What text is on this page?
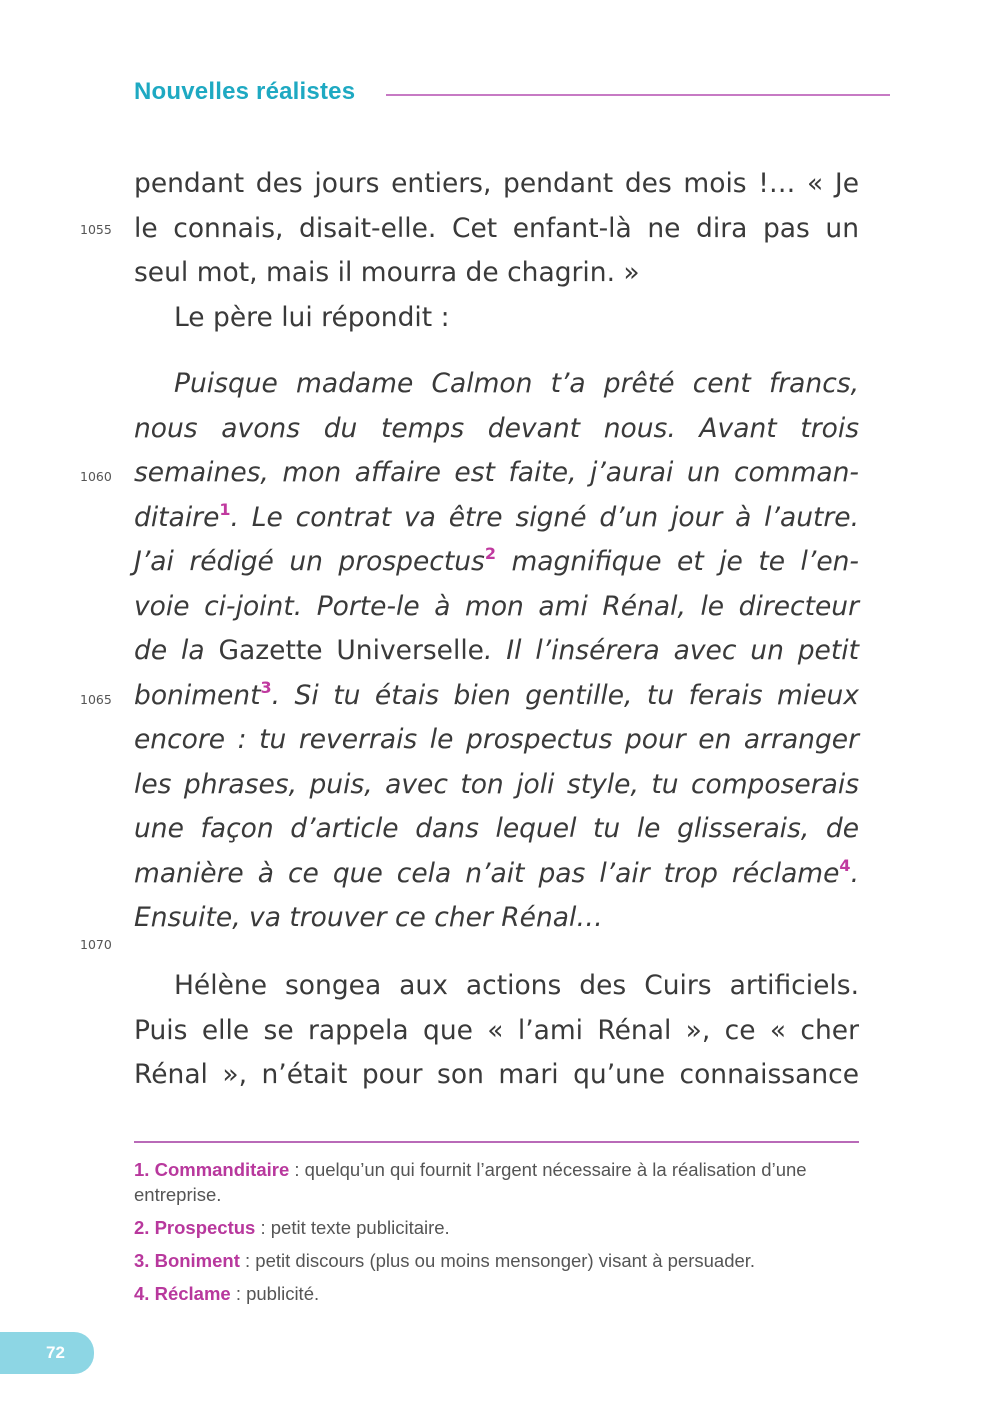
Nouvelles réalistes
1055
1060
1065
1070
pendant des jours entiers, pendant des mois !… « Je
le connais, disait-elle. Cet enfant-là ne dira pas un
seul mot, mais il mourra de chagrin. »
Le père lui répondit :
Puisque madame Calmon t’a prêté cent francs,
nous avons du temps devant nous. Avant trois
semaines, mon affaire est faite, j’aurai un comman-
ditaire$^1$. Le contrat va être signé d’un jour à l’autre.
J’ai rédigé un prospectus$^2$ magnifique et je te l’en-
voie ci-joint. Porte-le à mon ami Rénal, le directeur
de la Gazette Universelle. Il l’insérera avec un petit
boniment$^3$. Si tu étais bien gentille, tu ferais mieux
encore : tu reverrais le prospectus pour en arranger
les phrases, puis, avec ton joli style, tu composerais
une façon d’article dans lequel tu le glisserais, de
manière à ce que cela n’ait pas l’air trop réclame$^4$.
Ensuite, va trouver ce cher Rénal…
Hélène songea aux actions des Cuirs artificiels.
Puis elle se rappela que « l’ami Rénal », ce « cher
Rénal », n’était pour son mari qu’une connaissance
1. Commanditaire : quelqu’un qui fournit l’argent nécessaire à la réalisation d’une entreprise.
2. Prospectus : petit texte publicitaire.
3. Boniment : petit discours (plus ou moins mensonger) visant à persuader.
4. Réclame : publicité.
72
